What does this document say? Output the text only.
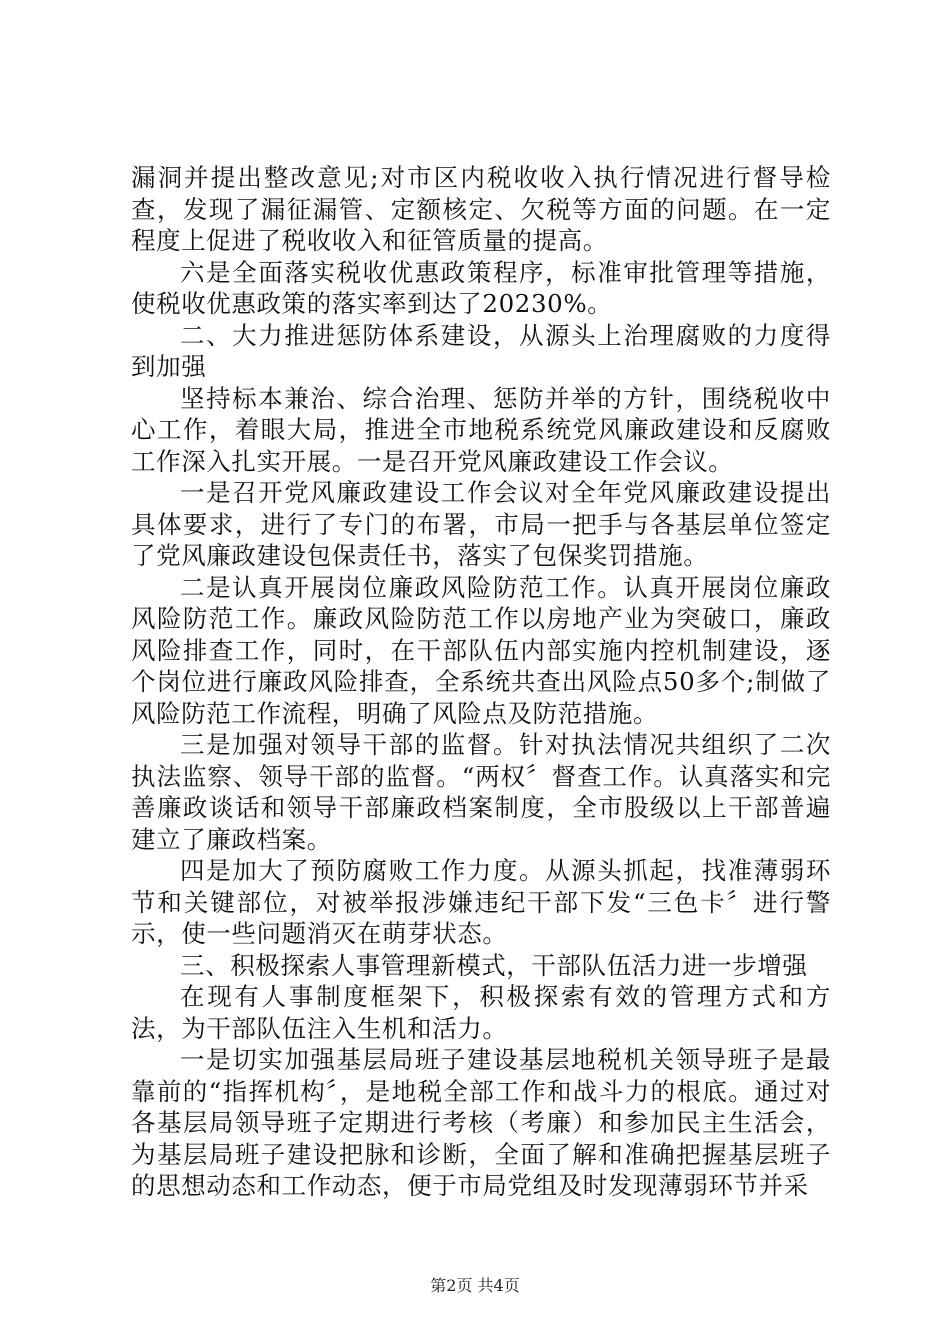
漏洞并提出整改意见;对市区内税收收入执行情况进行督导检查，发现了漏征漏管、定额核定、欠税等方面的问题。在一定程度上促进了税收收入和征管质量的提高。

六是全面落实税收优惠政策程序，标准审批管理等措施，使税收优惠政策的落实率到达了20230%。

二、大力推进惩防体系建设，从源头上治理腐败的力度得到加强

坚持标本兼治、综合治理、惩防并举的方针，围绕税收中心工作，着眼大局，推进全市地税系统党风廉政建设和反腐败工作深入扎实开展。一是召开党风廉政建设工作会议。

一是召开党风廉政建设工作会议对全年党风廉政建设提出具体要求，进行了专门的布署，市局一把手与各基层单位签定了党风廉政建设包保责任书，落实了包保奖罚措施。

二是认真开展岗位廉政风险防范工作。认真开展岗位廉政风险防范工作。廉政风险防范工作以房地产业为突破口，廉政风险排查工作，同时，在干部队伍内部实施内控机制建设，逐个岗位进行廉政风险排查，全系统共查出风险点50多个;制做了风险防范工作流程，明确了风险点及防范措施。

三是加强对领导干部的监督。针对执法情况共组织了二次执法监察、领导干部的监督。“两权〞督查工作。认真落实和完善廉政谈话和领导干部廉政档案制度，全市股级以上干部普遍建立了廉政档案。

四是加大了预防腐败工作力度。从源头抓起，找准薄弱环节和关键部位，对被举报涉嫌违纪干部下发“三色卡〞进行警示，使一些问题消灭在萌芽状态。

三、积极探索人事管理新模式，干部队伍活力进一步增强

在现有人事制度框架下，积极探索有效的管理方式和方法，为干部队伍注入生机和活力。

一是切实加强基层局班子建设基层地税机关领导班子是最靠前的“指挥机构〞，是地税全部工作和战斗力的根底。通过对各基层局领导班子定期进行考核（考廉）和参加民主生活会，为基层局班子建设把脉和诊断，全面了解和准确把握基层班子的思想动态和工作动态，便于市局党组及时发现薄弱环节并采

第2页 共4页
